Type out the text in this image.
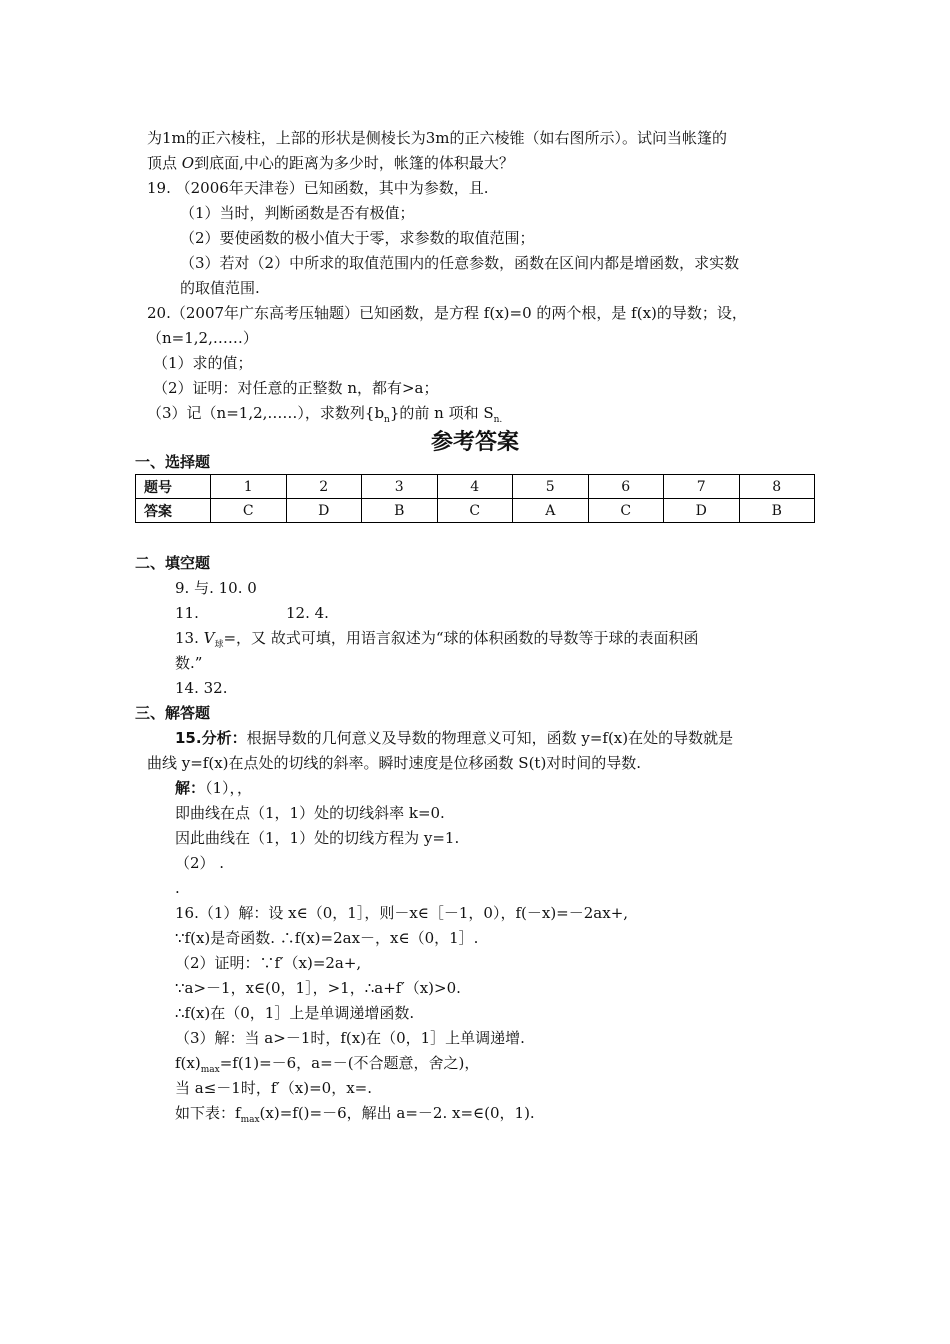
为1m的正六棱柱，上部的形状是侧棱长为3m的正六棱锥（如右图所示）。试问当帐篷的
顶点 O到底面,中心的距离为多少时，帐篷的体积最大？
19. （2006年天津卷）已知函数，其中为参数，且.
（1）当时，判断函数是否有极值；
（2）要使函数的极小值大于零，求参数的取值范围；
（3）若对（2）中所求的取值范围内的任意参数，函数在区间内都是增函数，求实数
的取值范围.
20.（2007年广东高考压轴题）已知函数，是方程 f(x)=0 的两个根，是 f(x)的导数；设，
（n=1,2,……）
（1）求的值；
（2）证明：对任意的正整数 n，都有>a；
（3）记（n=1,2,……），求数列$\{b_n\}$的前 n 项和 $S_{n.}$
参考答案
一、选择题
题号	1	2	3	4	5	6	7	8
答案	C	D	B	C	A	C	D	B
二、填空题
9. 与. 10. 0
11.	12. 4.
13. $V_球=$，又 故式可填，用语言叙述为“球的体积函数的导数等于球的表面积函
数.”
14. 32.
三、解答题
15.分析：根据导数的几何意义及导数的物理意义可知，函数 y=f(x)在处的导数就是
曲线 y=f(x)在点处的切线的斜率。瞬时速度是位移函数 S(t)对时间的导数.
解：（1），，
即曲线在点（1，1）处的切线斜率 k=0.
因此曲线在（1，1）处的切线方程为 y=1.
（2） .
.
16.（1）解：设 x∈（0，1］，则－x∈［－1，0），f(－x)=－2ax+,
∵f(x)是奇函数. ∴f(x)=2ax－，x∈（0，1］.
（2）证明：∵f′（x)=2a+,
∵a>－1，x∈(0，1］，>1，∴a+f′（x)>0.
∴f(x)在（0，1］上是单调递增函数.
（3）解：当 a>－1时，f(x)在（0，1］上单调递增.
$f(x)_{max}=f(1)=-6$，a=－(不合题意，舍之)，
当 a≤－1时，f′（x)=0，x=.
如下表：$f_{max}(x)=f()=-6$，解出 a=－2. x=∈(0，1).
